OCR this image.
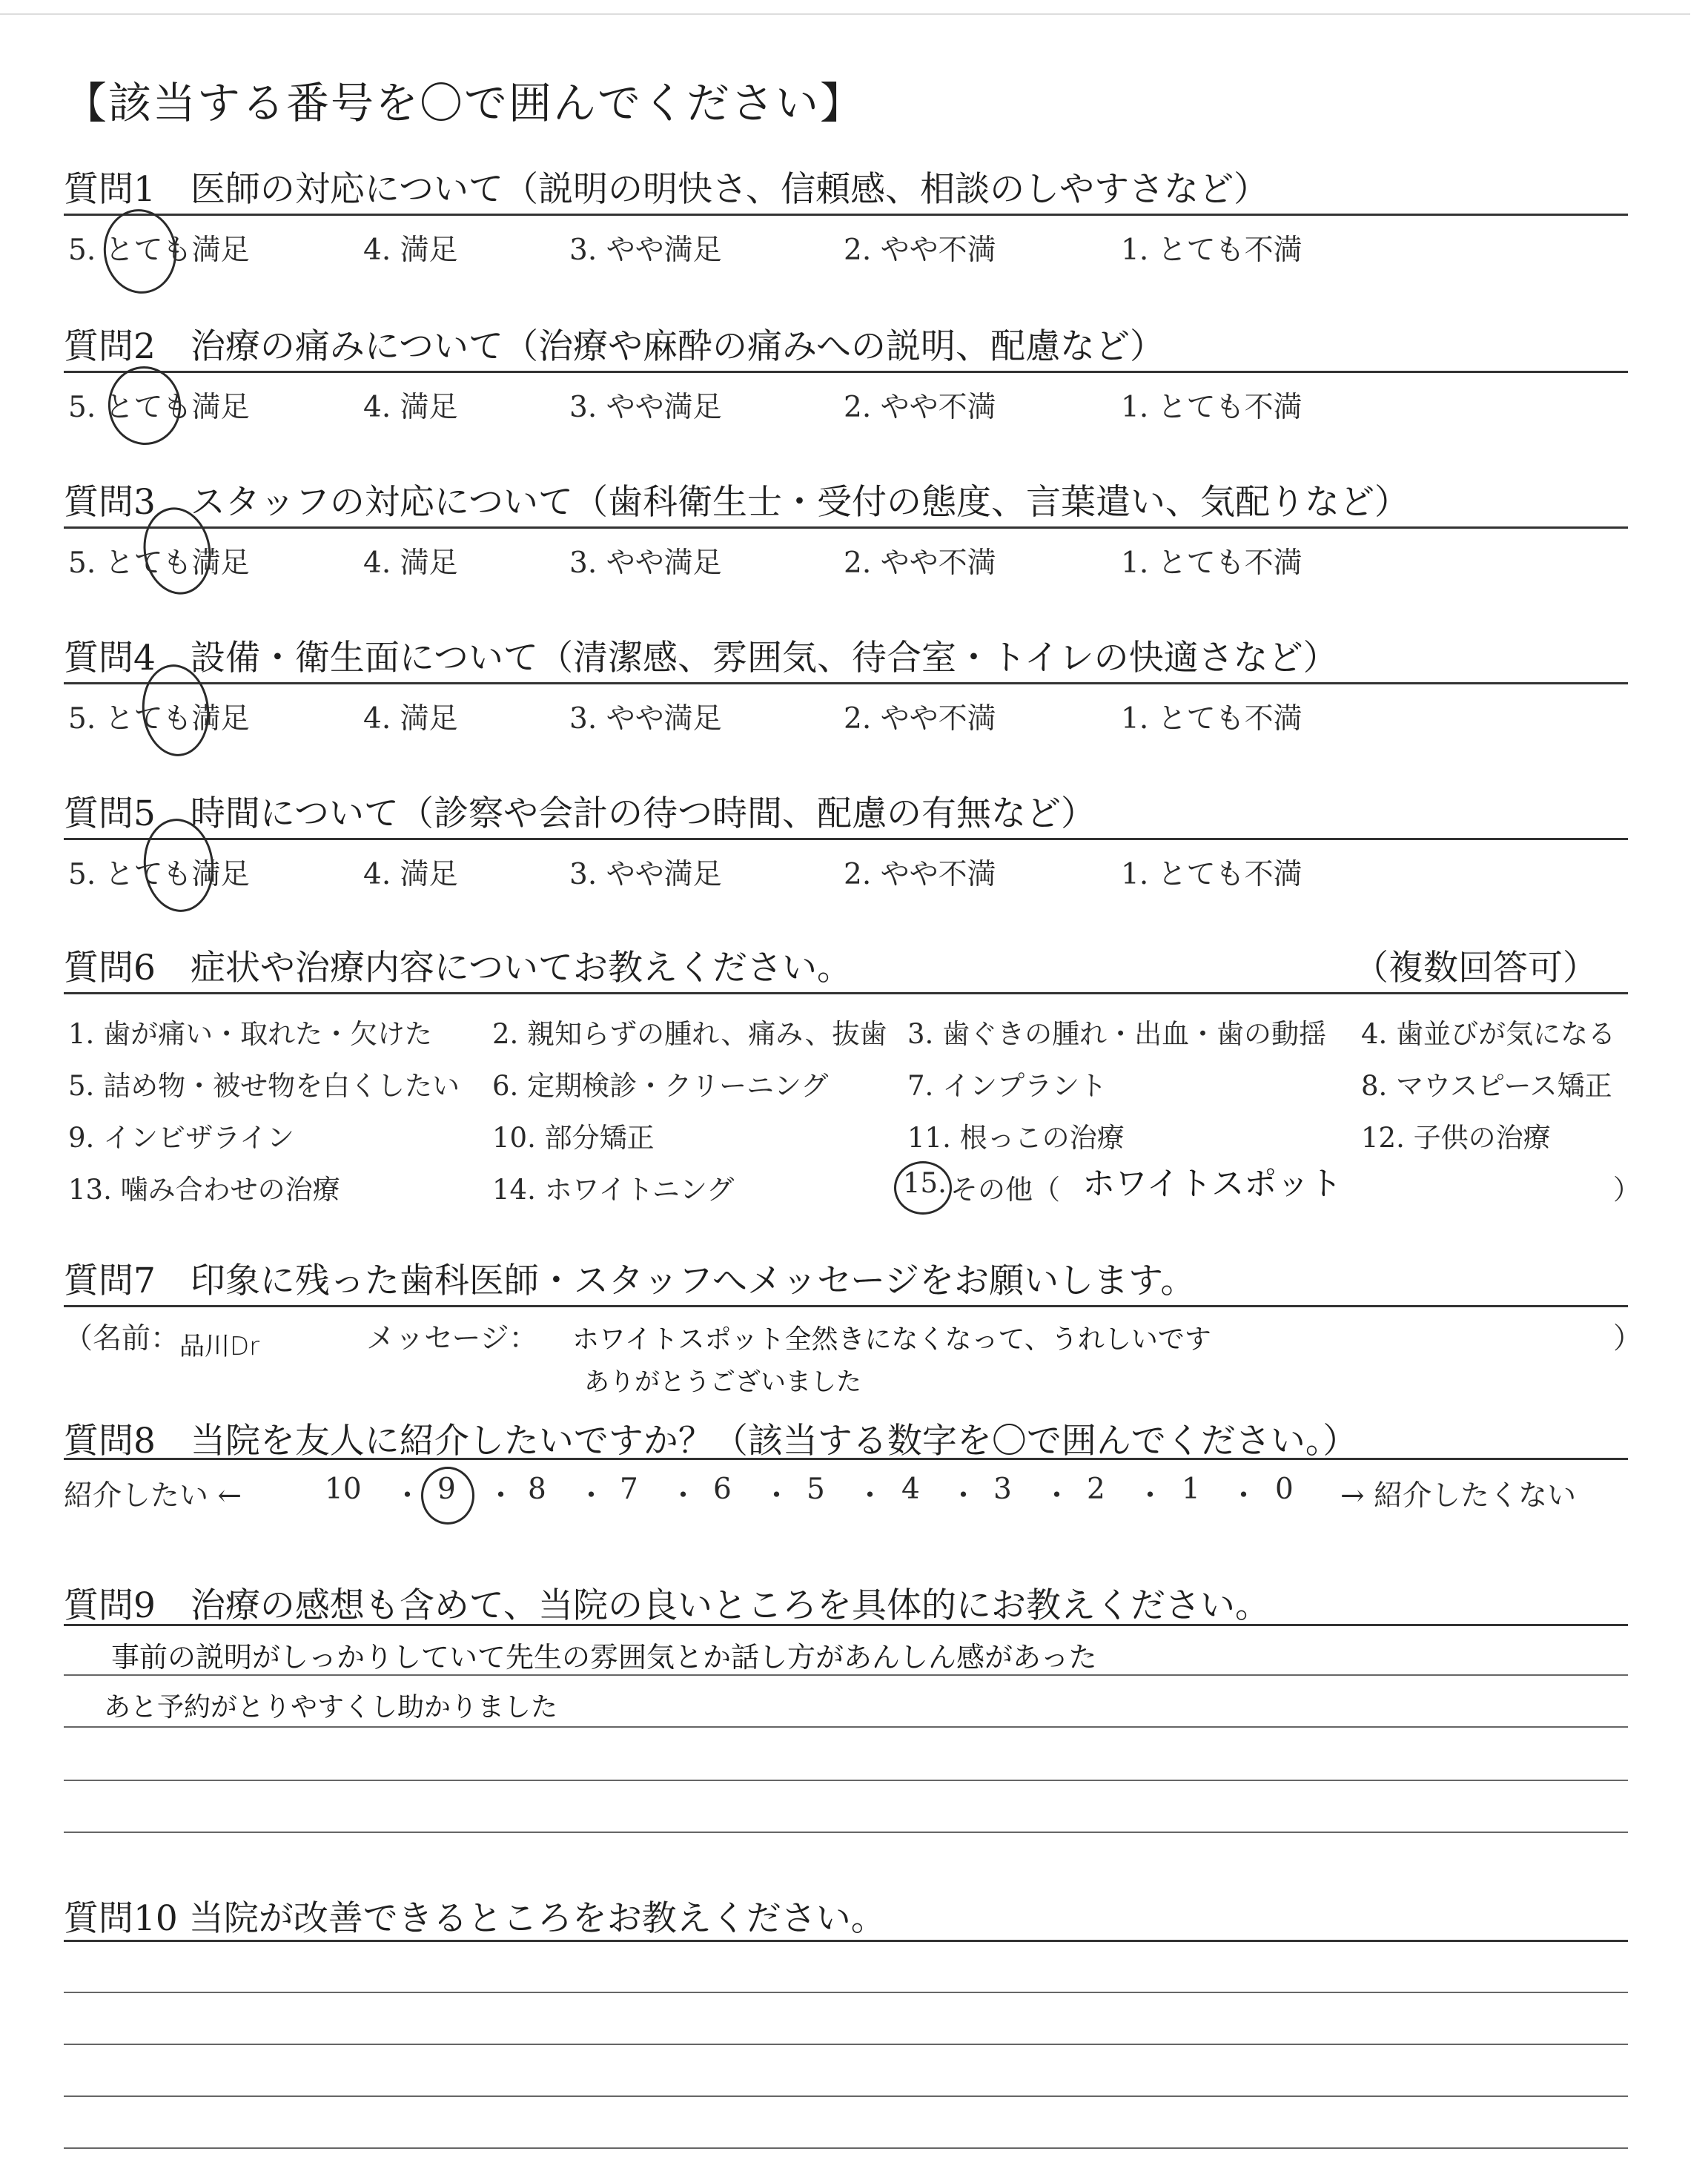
【該当する番号を〇で囲んでください】
質問1　医師の対応について（説明の明快さ、信頼感、相談のしやすさなど）
5. とても満足	4. 満足	3. やや満足	2. やや不満	1. とても不満
質問2　治療の痛みについて（治療や麻酔の痛みへの説明、配慮など）
5. とても満足	4. 満足	3. やや満足	2. やや不満	1. とても不満
質問3　スタッフの対応について（歯科衛生士・受付の態度、言葉遣い、気配りなど）
5. とても満足	4. 満足	3. やや満足	2. やや不満	1. とても不満
質問4　設備・衛生面について（清潔感、雰囲気、待合室・トイレの快適さなど）
5. とても満足	4. 満足	3. やや満足	2. やや不満	1. とても不満
質問5　時間について（診察や会計の待つ時間、配慮の有無など）
5. とても満足	4. 満足	3. やや満足	2. やや不満	1. とても不満
質問6　症状や治療内容についてお教えください。	（複数回答可）
1. 歯が痛い・取れた・欠けた 2. 親知らずの腫れ、痛み、抜歯 3. 歯ぐきの腫れ・出血・歯の動揺 4. 歯並びが気になる
5. 詰め物・被せ物を白くしたい 6. 定期検診・クリーニング	7. インプラント	8. マウスピース矯正
9. インビザライン	10. 部分矯正	11. 根っこの治療	12. 子供の治療
13. 噛み合わせの治療	14. ホワイトニング	15. その他（	）
ホワイトスポット
質問7　印象に残った歯科医師・スタッフへメッセージをお願いします。
（名前： 品川Dr	メッセージ： ホワイトスポット全然きになくなって、うれしいです
ありがとうございました
）
質問8　当院を友人に紹介したいですか？（該当する数字を〇で囲んでください。）
紹介したい ←	10	9 8	7	6	5	4	3	2	1	0
・ ・ ・ ・ ・ ・ ・ ・ ・ ・	→ 紹介したくない
質問9　治療の感想も含めて、当院の良いところを具体的にお教えください。
事前の説明がしっかりしていて先生の雰囲気とか話し方があんしん感があった
あと予約がとりやすくし助かりました
質問10 当院が改善できるところをお教えください。
